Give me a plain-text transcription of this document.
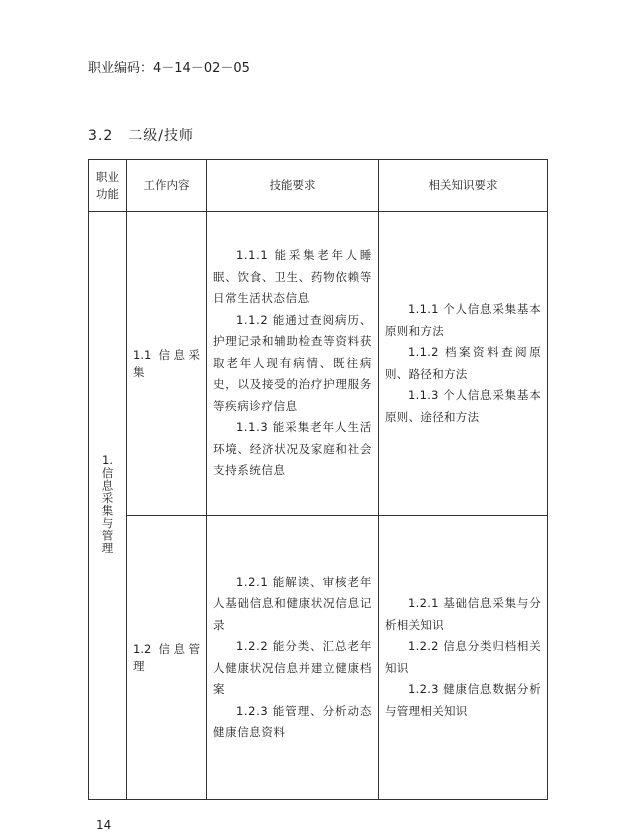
职业编码：4－14－02－05
3.2　二级/技师
职业功能	工作内容	技能要求	相关知识要求

1.
信息采集与管理	1.1 信息采集	1.1.1 能采集老年人睡眠、饮食、卫生、药物依赖等日常生活状态信息
1.1.2 能通过查阅病历、护理记录和辅助检查等资料获取老年人现有病情、既往病史，以及接受的治疗护理服务等疾病诊疗信息
1.1.3 能采集老年人生活环境、经济状况及家庭和社会支持系统信息	1.1.1 个人信息采集基本原则和方法
1.1.2 档案资料查阅原则、路径和方法
1.1.3 个人信息采集基本原则、途径和方法

	1.2 信息管理	1.2.1 能解读、审核老年人基础信息和健康状况信息记录
1.2.2 能分类、汇总老年人健康状况信息并建立健康档案
1.2.3 能管理、分析动态健康信息资料	1.2.1 基础信息采集与分析相关知识
1.2.2 信息分类归档相关知识
1.2.3 健康信息数据分析与管理相关知识
14
